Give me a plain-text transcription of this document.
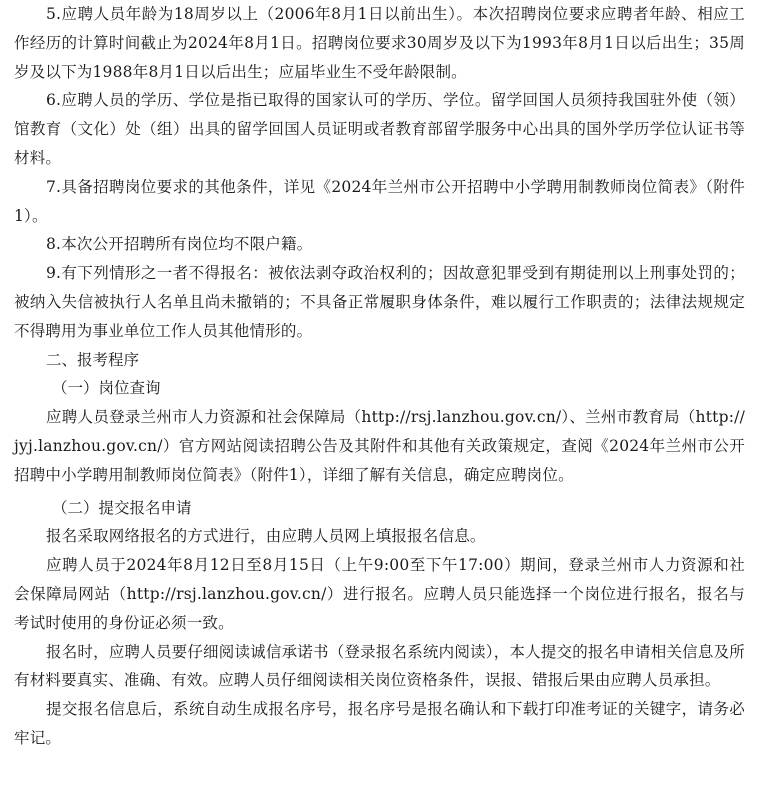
5.应聘人员年龄为18周岁以上（2006年8月1日以前出生）。本次招聘岗位要求应聘者年龄、相应工作经历的计算时间截止为2024年8月1日。招聘岗位要求30周岁及以下为1993年8月1日以后出生；35周岁及以下为1988年8月1日以后出生；应届毕业生不受年龄限制。

6.应聘人员的学历、学位是指已取得的国家认可的学历、学位。留学回国人员须持我国驻外使（领）馆教育（文化）处（组）出具的留学回国人员证明或者教育部留学服务中心出具的国外学历学位认证书等材料。

7.具备招聘岗位要求的其他条件，详见《2024年兰州市公开招聘中小学聘用制教师岗位简表》（附件1）。

8.本次公开招聘所有岗位均不限户籍。

9.有下列情形之一者不得报名：被依法剥夺政治权利的；因故意犯罪受到有期徒刑以上刑事处罚的；被纳入失信被执行人名单且尚未撤销的；不具备正常履职身体条件，难以履行工作职责的；法律法规规定不得聘用为事业单位工作人员其他情形的。

二、报考程序

（一）岗位查询

应聘人员登录兰州市人力资源和社会保障局（http://rsj.lanzhou.gov.cn/）、兰州市教育局（http://jyj.lanzhou.gov.cn/）官方网站阅读招聘公告及其附件和其他有关政策规定，查阅《2024年兰州市公开招聘中小学聘用制教师岗位简表》（附件1），详细了解有关信息，确定应聘岗位。

（二）提交报名申请

报名采取网络报名的方式进行，由应聘人员网上填报报名信息。

应聘人员于2024年8月12日至8月15日（上午9:00至下午17:00）期间，登录兰州市人力资源和社会保障局网站（http://rsj.lanzhou.gov.cn/）进行报名。应聘人员只能选择一个岗位进行报名，报名与考试时使用的身份证必须一致。

报名时，应聘人员要仔细阅读诚信承诺书（登录报名系统内阅读），本人提交的报名申请相关信息及所有材料要真实、准确、有效。应聘人员仔细阅读相关岗位资格条件，误报、错报后果由应聘人员承担。

提交报名信息后，系统自动生成报名序号，报名序号是报名确认和下载打印准考证的关键字，请务必牢记。
